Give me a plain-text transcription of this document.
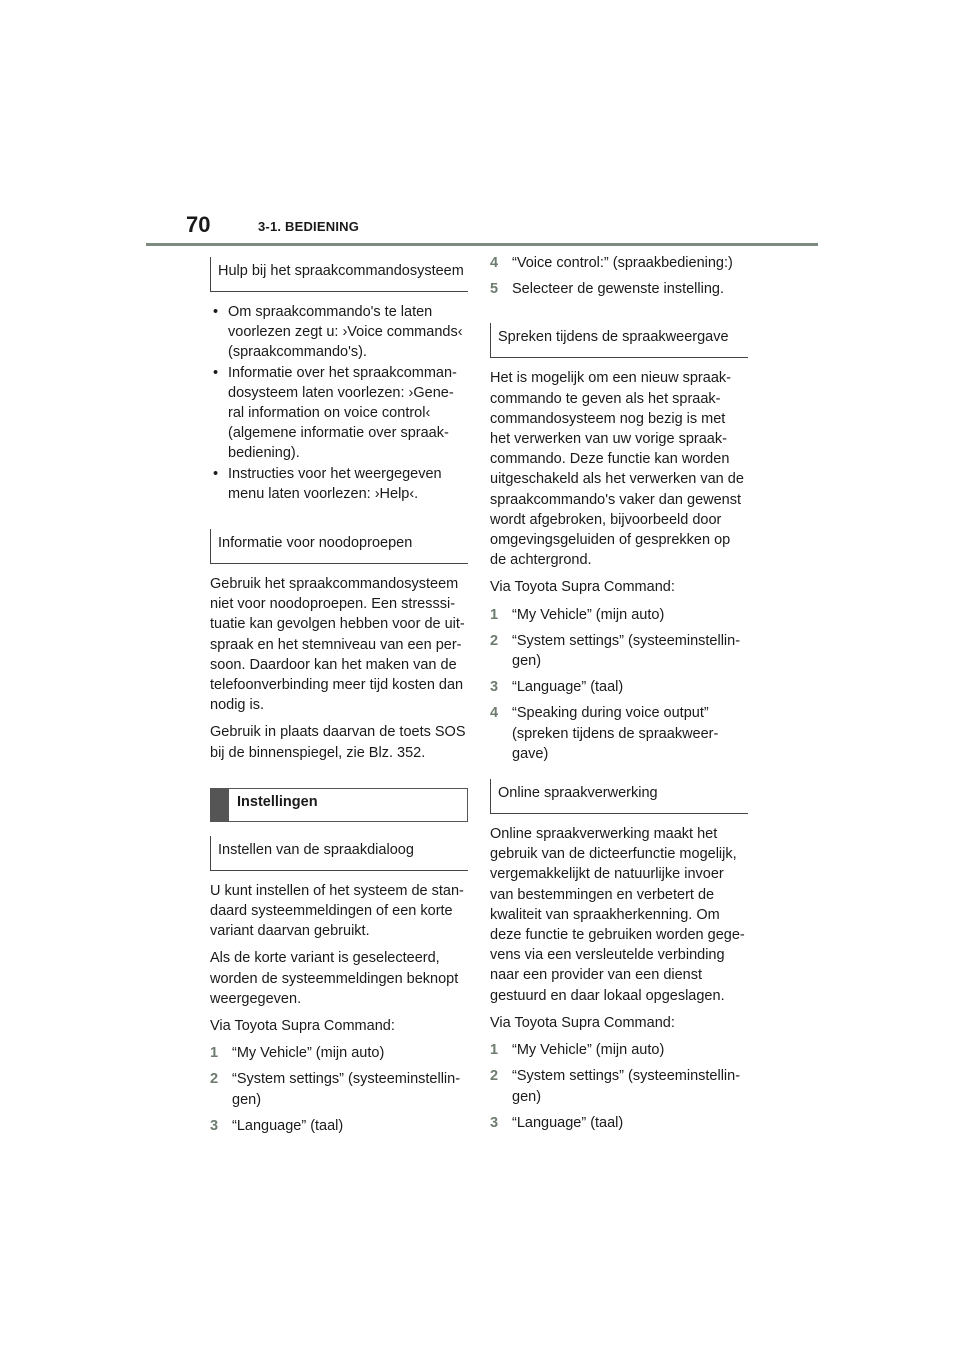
70	3-1. BEDIENING
Hulp bij het spraakcommandosysteem
• Om spraakcommando's te laten voorlezen zegt u: ›Voice commands‹ (spraakcommando's).
• Informatie over het spraakcomman-dosysteem laten voorlezen: ›Gene-ral information on voice control‹ (algemene informatie over spraak-bediening).
• Instructies voor het weergegeven menu laten voorlezen: ›Help‹.
Informatie voor noodoproepen

Gebruik het spraakcommandosysteem niet voor noodoproepen. Een stresssi-tuatie kan gevolgen hebben voor de uit-spraak en het stemniveau van een per-soon. Daardoor kan het maken van de telefoonverbinding meer tijd kosten dan nodig is.

Gebruik in plaats daarvan de toets SOS bij de binnenspiegel, zie Blz. 352.

Instellingen
Instellen van de spraakdialoog

U kunt instellen of het systeem de stan-daard systeemmeldingen of een korte variant daarvan gebruikt.

Als de korte variant is geselecteerd, worden de systeemmeldingen beknopt weergegeven.

Via Toyota Supra Command:

1 “My Vehicle” (mijn auto)
2 “System settings” (systeeminstellin-gen)
3 “Language” (taal)
4 “Voice control:” (spraakbediening:)
5 Selecteer de gewenste instelling.
Spreken tijdens de spraakweergave

Het is mogelijk om een nieuw spraak-commando te geven als het spraak-commandosysteem nog bezig is met het verwerken van uw vorige spraak-commando. Deze functie kan worden uitgeschakeld als het verwerken van de spraakcommando's vaker dan gewenst wordt afgebroken, bijvoorbeeld door omgevingsgeluiden of gesprekken op de achtergrond.

Via Toyota Supra Command:

1 “My Vehicle” (mijn auto)
2 “System settings” (systeeminstellin-gen)
3 “Language” (taal)
4 “Speaking during voice output” (spreken tijdens de spraakweer-gave)
Online spraakverwerking

Online spraakverwerking maakt het gebruik van de dicteerfunctie mogelijk, vergemakkelijkt de natuurlijke invoer van bestemmingen en verbetert de kwaliteit van spraakherkenning. Om deze functie te gebruiken worden gege-vens via een versleutelde verbinding naar een provider van een dienst gestuurd en daar lokaal opgeslagen.

Via Toyota Supra Command:

1 “My Vehicle” (mijn auto)
2 “System settings” (systeeminstellin-gen)
3 “Language” (taal)
